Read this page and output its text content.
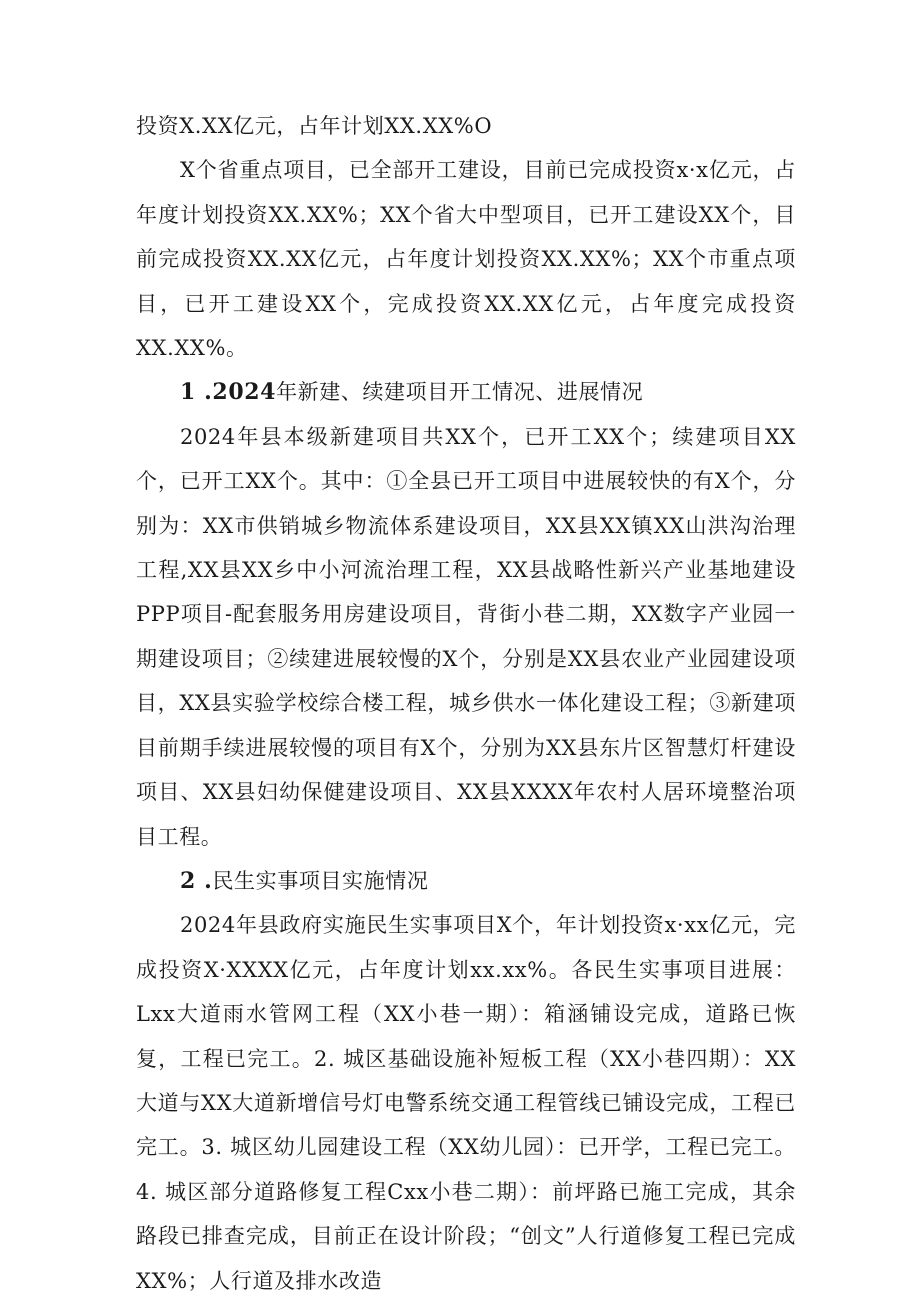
投资X.XX亿元，占年计划XX.XX%O

X个省重点项目，已全部开工建设，目前已完成投资x·x亿元，占年度计划投资XX.XX%；XX个省大中型项目，已开工建设XX个，目前完成投资XX.XX亿元，占年度计划投资XX.XX%；XX个市重点项目，已开工建设XX个，完成投资XX.XX亿元，占年度完成投资XX.XX%。

1 .2024年新建、续建项目开工情况、进展情况

2024年县本级新建项目共XX个，已开工XX个；续建项目XX个，已开工XX个。其中：①全县已开工项目中进展较快的有X个，分别为：XX市供销城乡物流体系建设项目，XX县XX镇XX山洪沟治理工程,XX县XX乡中小河流治理工程，XX县战略性新兴产业基地建设PPP项目-配套服务用房建设项目，背街小巷二期，XX数字产业园一期建设项目；②续建进展较慢的X个，分别是XX县农业产业园建设项目，XX县实验学校综合楼工程，城乡供水一体化建设工程；③新建项目前期手续进展较慢的项目有X个，分别为XX县东片区智慧灯杆建设项目、XX县妇幼保健建设项目、XX县XXXX年农村人居环境整治项目工程。

2 .民生实事项目实施情况

2024年县政府实施民生实事项目X个，年计划投资x·xx亿元，完成投资X·XXXX亿元，占年度计划xx.xx%。各民生实事项目进展：Lxx大道雨水管网工程（XX小巷一期）：箱涵铺设完成，道路已恢复，工程已完工。2. 城区基础设施补短板工程（XX小巷四期）：XX大道与XX大道新增信号灯电警系统交通工程管线已铺设完成，工程已完工。3. 城区幼儿园建设工程（XX幼儿园）：已开学，工程已完工。4. 城区部分道路修复工程Cxx小巷二期）：前坪路已施工完成，其余路段已排查完成，目前正在设计阶段；“创文”人行道修复工程已完成XX%；人行道及排水改造
